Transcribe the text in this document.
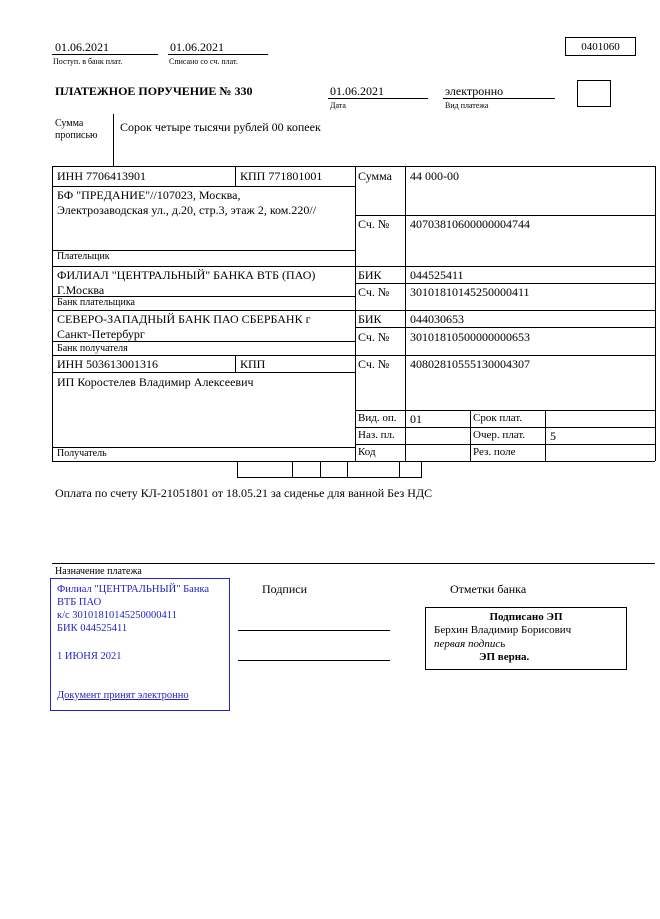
01.06.2021
Поступ. в банк плат.
01.06.2021
Списано со сч. плат.
0401060
ПЛАТЕЖНОЕ ПОРУЧЕНИЕ № 330	01.06.2021
Дата
электронно
Вид платежа
Сумма
прописью
Сорок четыре тысячи рублей 00 копеек
ИНН 7706413901	КПП 771801001	Сумма 44 000-00
БФ "ПРЕДАНИЕ"//107023, Москва, Электрозаводская ул., д.20, стр.3, этаж 2, ком.220//
Сч. № 40703810600000004744
Плательщик
ФИЛИАЛ "ЦЕНТРАЛЬНЫЙ" БАНКА ВТБ (ПАО) Г.Москва
БИК 044525411
Сч. № 30101810145250000411
Банк плательщика
СЕВЕРО-ЗАПАДНЫЙ БАНК ПАО СБЕРБАНК г Санкт-Петербург
БИК 044030653
Сч. № 30101810500000000653
Банк получателя
ИНН 503613001316	КПП	Сч. № 40802810555130004307
ИП Коростелев Владимир Алексеевич
Вид. оп. 01	Срок плат.
Наз. пл.	Очер. плат. 5
Код	Рез. поле
Получатель
Оплата по счету КЛ-21051801 от 18.05.21 за сиденье для ванной Без НДС
Назначение платежа
Филиал "ЦЕНТРАЛЬНЫЙ" Банка ВТБ ПАО
к/с 30101810145250000411
БИК 044525411
1 ИЮНЯ 2021
Документ принят электронно
Подписи	Отметки банка
Подписано ЭП
Берхин Владимир Борисович
первая подпись
ЭП верна.
